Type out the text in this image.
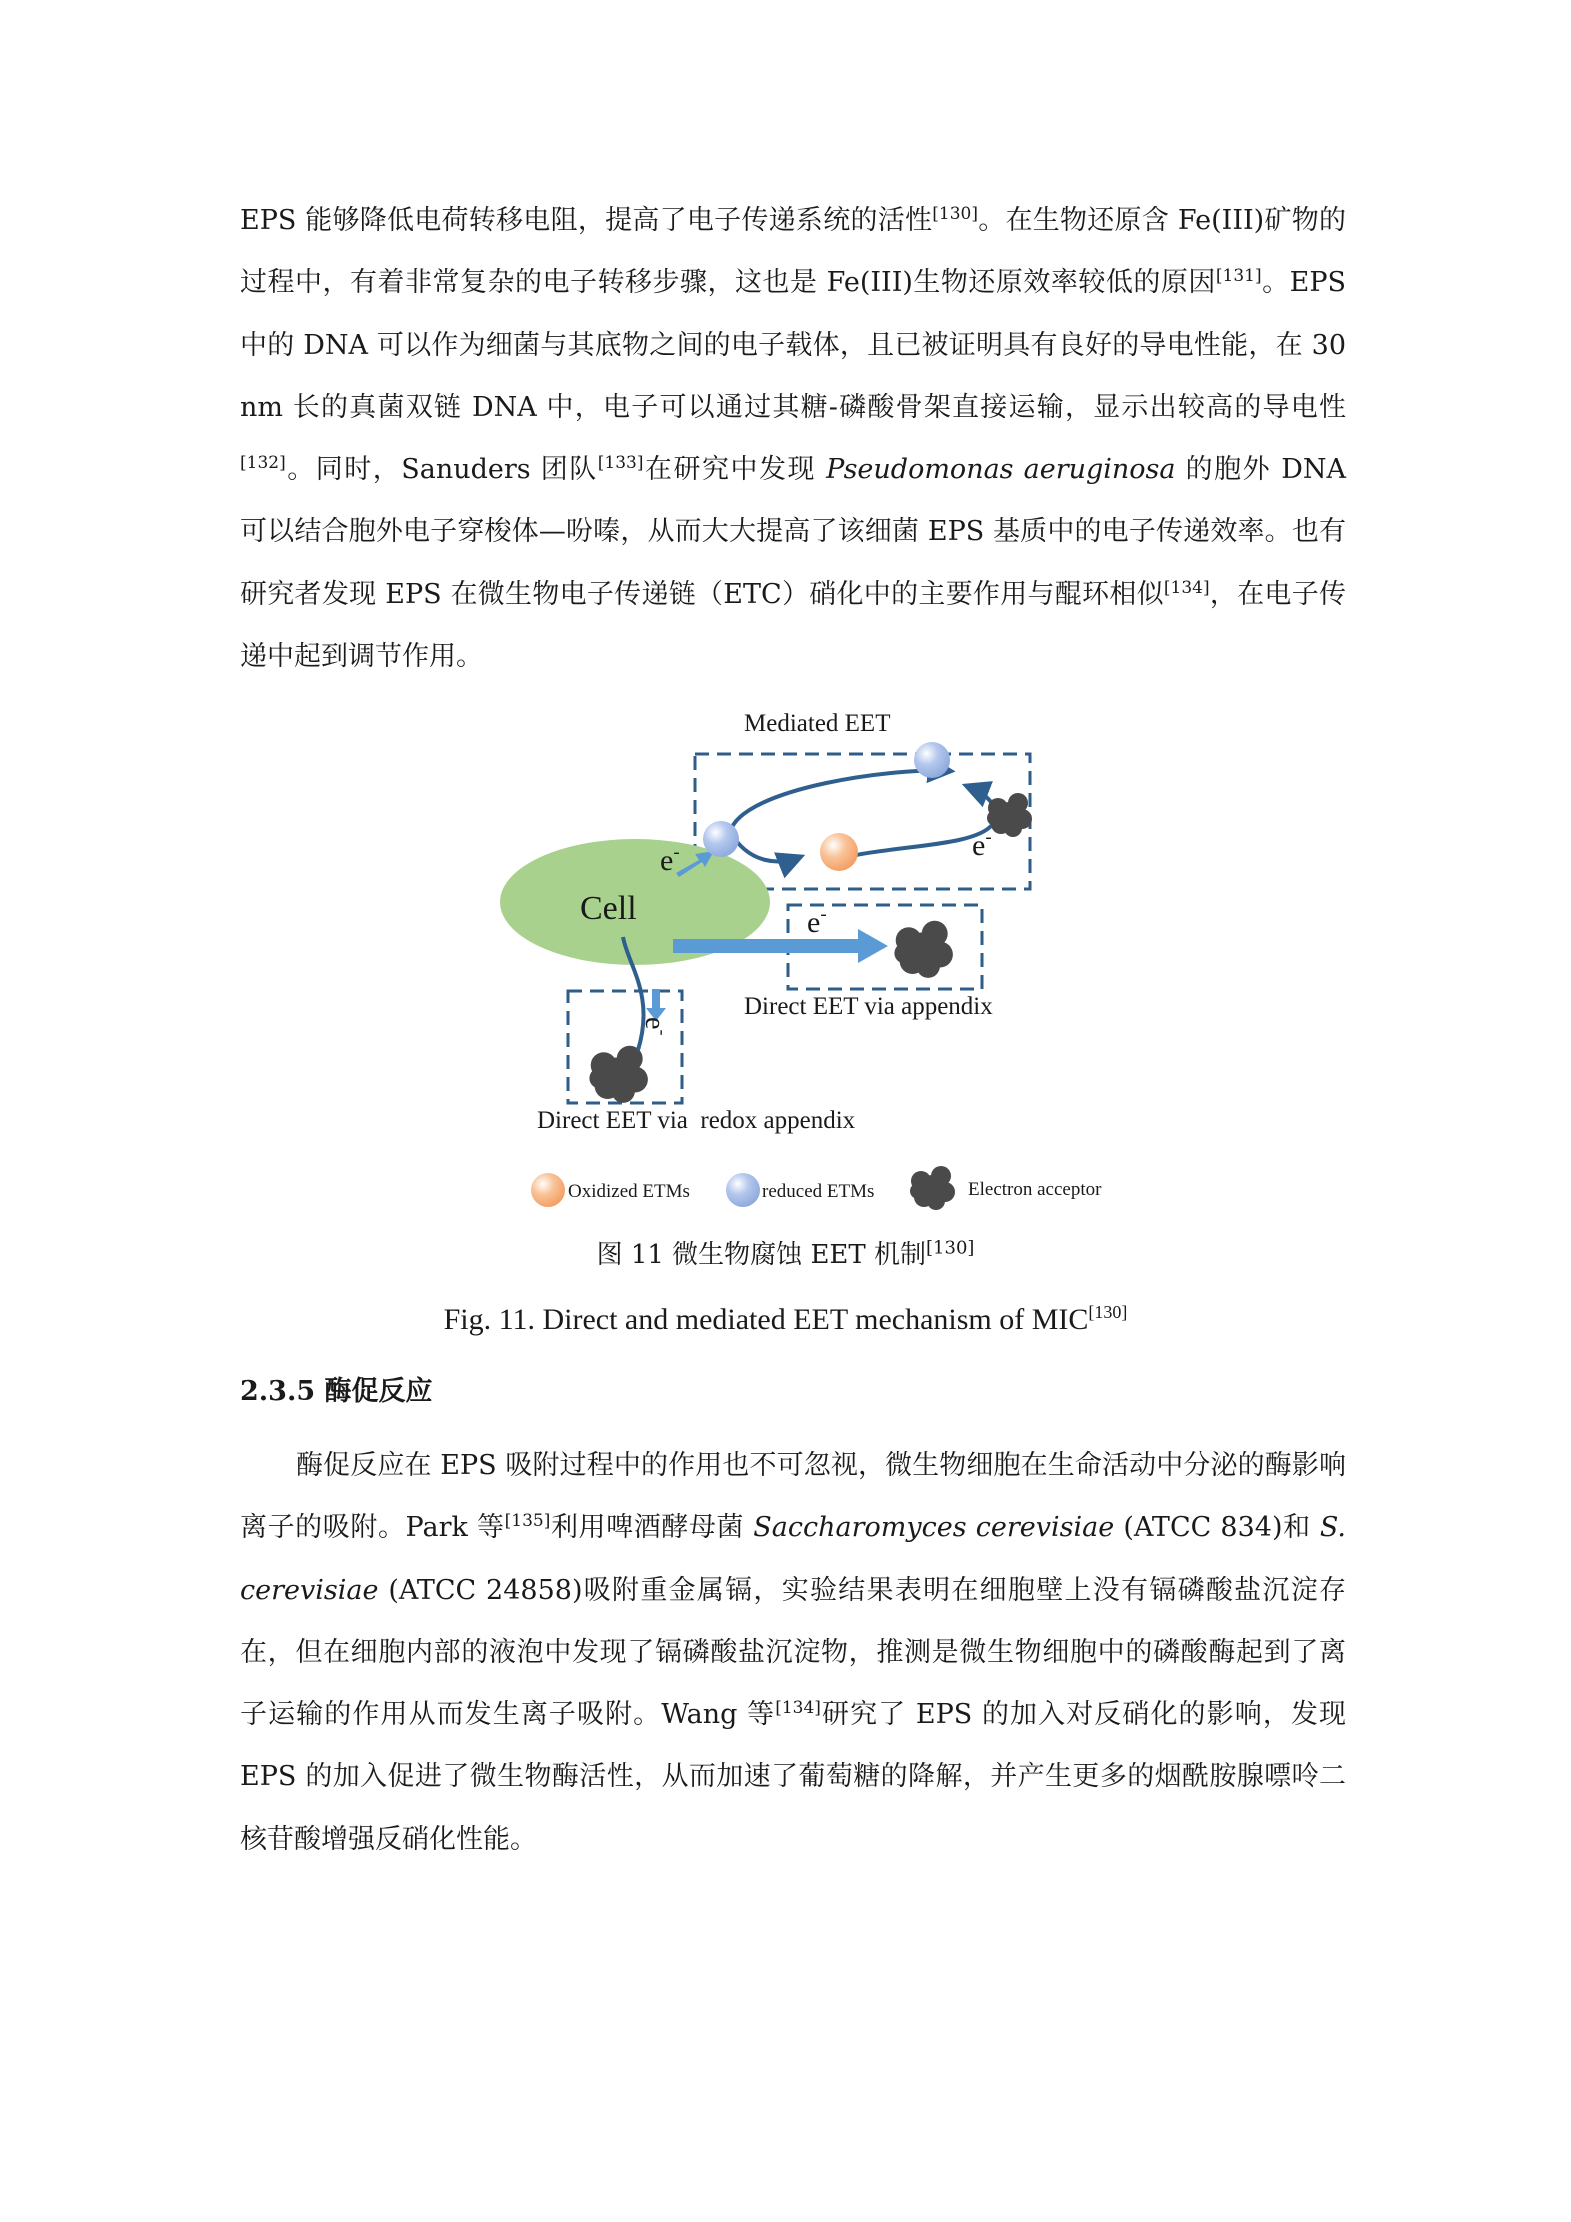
EPS 能够降低电荷转移电阻，提高了电子传递系统的活性[130]。在生物还原含 Fe(III)矿物的过程中，有着非常复杂的电子转移步骤，这也是 Fe(III)生物还原效率较低的原因[131]。EPS 中的 DNA 可以作为细菌与其底物之间的电子载体，且已被证明具有良好的导电性能，在 30 nm 长的真菌双链 DNA 中，电子可以通过其糖-磷酸骨架直接运输，显示出较高的导电性[132]。同时，Sanuders 团队[133]在研究中发现 Pseudomonas aeruginosa 的胞外 DNA 可以结合胞外电子穿梭体—吩嗪，从而大大提高了该细菌 EPS 基质中的电子传递效率。也有研究者发现 EPS 在微生物电子传递链（ETC）硝化中的主要作用与醌环相似[134]，在电子传递中起到调节作用。

Cell
e-	e-
e-
e-
Mediated EET
Direct EET via appendix
Direct EET via  redox appendix
Oxidized ETMs	reduced ETMs	Electron acceptor

图 11 微生物腐蚀 EET 机制[130]

Fig. 11. Direct and mediated EET mechanism of MIC[130]

2.3.5 酶促反应

酶促反应在 EPS 吸附过程中的作用也不可忽视，微生物细胞在生命活动中分泌的酶影响离子的吸附。Park 等[135]利用啤酒酵母菌 Saccharomyces cerevisiae (ATCC 834)和 S. cerevisiae (ATCC 24858)吸附重金属镉，实验结果表明在细胞壁上没有镉磷酸盐沉淀存在，但在细胞内部的液泡中发现了镉磷酸盐沉淀物，推测是微生物细胞中的磷酸酶起到了离子运输的作用从而发生离子吸附。Wang 等[134]研究了 EPS 的加入对反硝化的影响，发现 EPS 的加入促进了微生物酶活性，从而加速了葡萄糖的降解，并产生更多的烟酰胺腺嘌呤二核苷酸增强反硝化性能。
